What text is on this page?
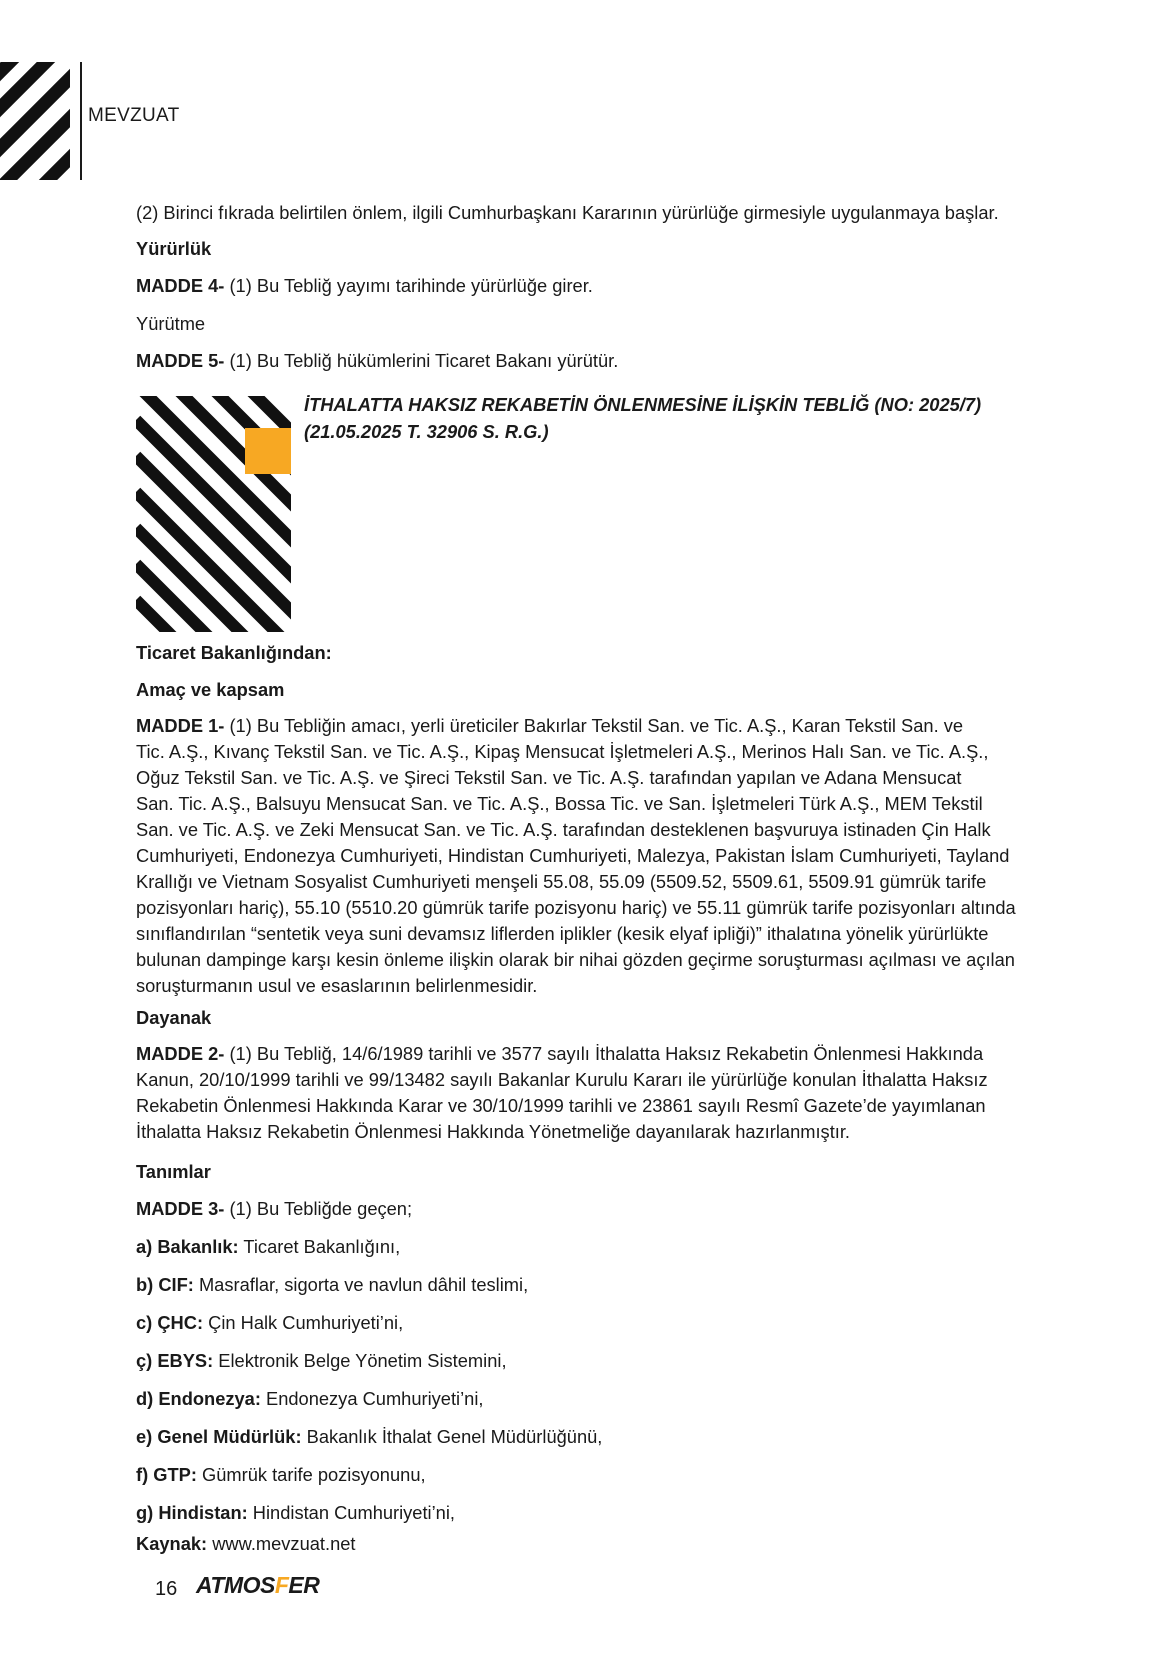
MEVZUAT

(2) Birinci fıkrada belirtilen önlem, ilgili Cumhurbaşkanı Kararının yürürlüğe girmesiyle uygulanmaya başlar.

Yürürlük

MADDE 4- (1) Bu Tebliğ yayımı tarihinde yürürlüğe girer.

Yürütme

MADDE 5- (1) Bu Tebliğ hükümlerini Ticaret Bakanı yürütür.

İTHALATTA HAKSIZ REKABETİN ÖNLENMESİNE İLİŞKİN TEBLİĞ (NO: 2025/7)
(21.05.2025 T. 32906 S. R.G.)

Ticaret Bakanlığından:

Amaç ve kapsam

MADDE 1- (1) Bu Tebliğin amacı, yerli üreticiler Bakırlar Tekstil San. ve Tic. A.Ş., Karan Tekstil San. ve
Tic. A.Ş., Kıvanç Tekstil San. ve Tic. A.Ş., Kipaş Mensucat İşletmeleri A.Ş., Merinos Halı San. ve Tic. A.Ş.,
Oğuz Tekstil San. ve Tic. A.Ş. ve Şireci Tekstil San. ve Tic. A.Ş. tarafından yapılan ve Adana Mensucat
San. Tic. A.Ş., Balsuyu Mensucat San. ve Tic. A.Ş., Bossa Tic. ve San. İşletmeleri Türk A.Ş., MEM Tekstil
San. ve Tic. A.Ş. ve Zeki Mensucat San. ve Tic. A.Ş. tarafından desteklenen başvuruya istinaden Çin Halk
Cumhuriyeti, Endonezya Cumhuriyeti, Hindistan Cumhuriyeti, Malezya, Pakistan İslam Cumhuriyeti, Tayland
Krallığı ve Vietnam Sosyalist Cumhuriyeti menşeli 55.08, 55.09 (5509.52, 5509.61, 5509.91 gümrük tarife
pozisyonları hariç), 55.10 (5510.20 gümrük tarife pozisyonu hariç) ve 55.11 gümrük tarife pozisyonları altında
sınıflandırılan “sentetik veya suni devamsız liflerden iplikler (kesik elyaf ipliği)” ithalatına yönelik yürürlükte
bulunan dampinge karşı kesin önleme ilişkin olarak bir nihai gözden geçirme soruşturması açılması ve açılan
soruşturmanın usul ve esaslarının belirlenmesidir.

Dayanak

MADDE 2- (1) Bu Tebliğ, 14/6/1989 tarihli ve 3577 sayılı İthalatta Haksız Rekabetin Önlenmesi Hakkında
Kanun, 20/10/1999 tarihli ve 99/13482 sayılı Bakanlar Kurulu Kararı ile yürürlüğe konulan İthalatta Haksız
Rekabetin Önlenmesi Hakkında Karar ve 30/10/1999 tarihli ve 23861 sayılı Resmî Gazete’de yayımlanan
İthalatta Haksız Rekabetin Önlenmesi Hakkında Yönetmeliğe dayanılarak hazırlanmıştır.

Tanımlar

MADDE 3- (1) Bu Tebliğde geçen;

a) Bakanlık: Ticaret Bakanlığını,

b) CIF: Masraflar, sigorta ve navlun dâhil teslimi,

c) ÇHC: Çin Halk Cumhuriyeti’ni,

ç) EBYS: Elektronik Belge Yönetim Sistemini,

d) Endonezya: Endonezya Cumhuriyeti’ni,

e) Genel Müdürlük: Bakanlık İthalat Genel Müdürlüğünü,

f) GTP: Gümrük tarife pozisyonunu,

g) Hindistan: Hindistan Cumhuriyeti’ni,

Kaynak: www.mevzuat.net
16 ATMOSFER
